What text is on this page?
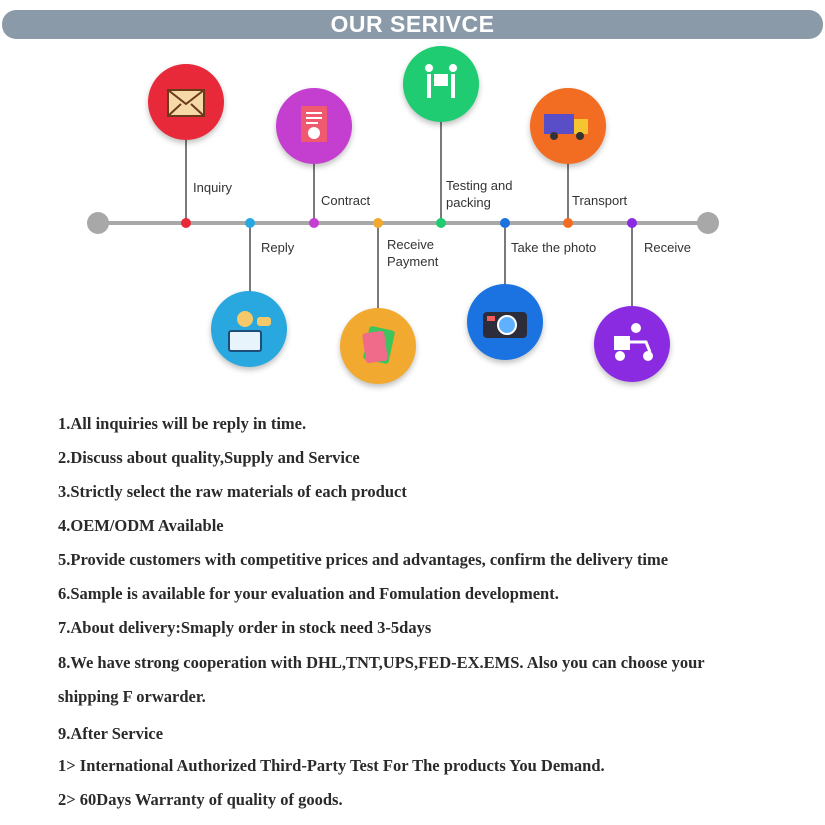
OUR SERIVCE
Inquiry
Reply
Contract
Receive
Payment
Testing and
packing
Take the photo
Transport
Receive
1.All inquiries will be reply in time.
2.Discuss about quality,Supply and Service
3.Strictly select the raw materials of each product
4.OEM/ODM Available
5.Provide customers with competitive prices and advantages, confirm the delivery time
6.Sample is available for your evaluation and Fomulation development.
7.About delivery:Smaply order in stock need 3-5days
8.We have strong cooperation with DHL,TNT,UPS,FED-EX.EMS. Also you can choose your
shipping F orwarder.
9.After Service
1> International Authorized Third-Party Test For The products You Demand.
2> 60Days Warranty of quality of goods.
